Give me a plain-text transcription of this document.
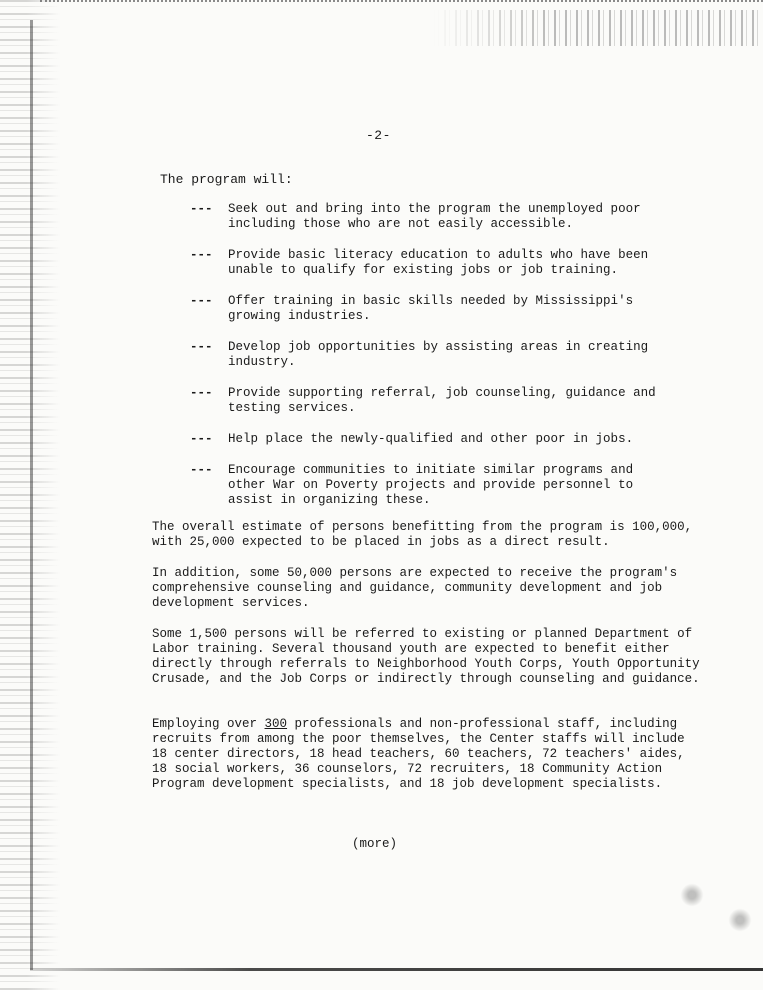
-2-
The program will:
--- Seek out and bring into the program the unemployed poor including those who are not easily accessible.
--- Provide basic literacy education to adults who have been unable to qualify for existing jobs or job training.
--- Offer training in basic skills needed by Mississippi's growing industries.
--- Develop job opportunities by assisting areas in creating industry.
--- Provide supporting referral, job counseling, guidance and testing services.
--- Help place the newly-qualified and other poor in jobs.
--- Encourage communities to initiate similar programs and other War on Poverty projects and provide personnel to assist in organizing these.

The overall estimate of persons benefitting from the program is 100,000, with 25,000 expected to be placed in jobs as a direct result.

In addition, some 50,000 persons are expected to receive the program's comprehensive counseling and guidance, community development and job development services.

Some 1,500 persons will be referred to existing or planned Department of Labor training. Several thousand youth are expected to benefit either directly through referrals to Neighborhood Youth Corps, Youth Opportunity Crusade, and the Job Corps or indirectly through counseling and guidance.

Employing over 300 professionals and non-professional staff, including recruits from among the poor themselves, the Center staffs will include 18 center directors, 18 head teachers, 60 teachers, 72 teachers' aides, 18 social workers, 36 counselors, 72 recruiters, 18 Community Action Program development specialists, and 18 job development specialists.

(more)
